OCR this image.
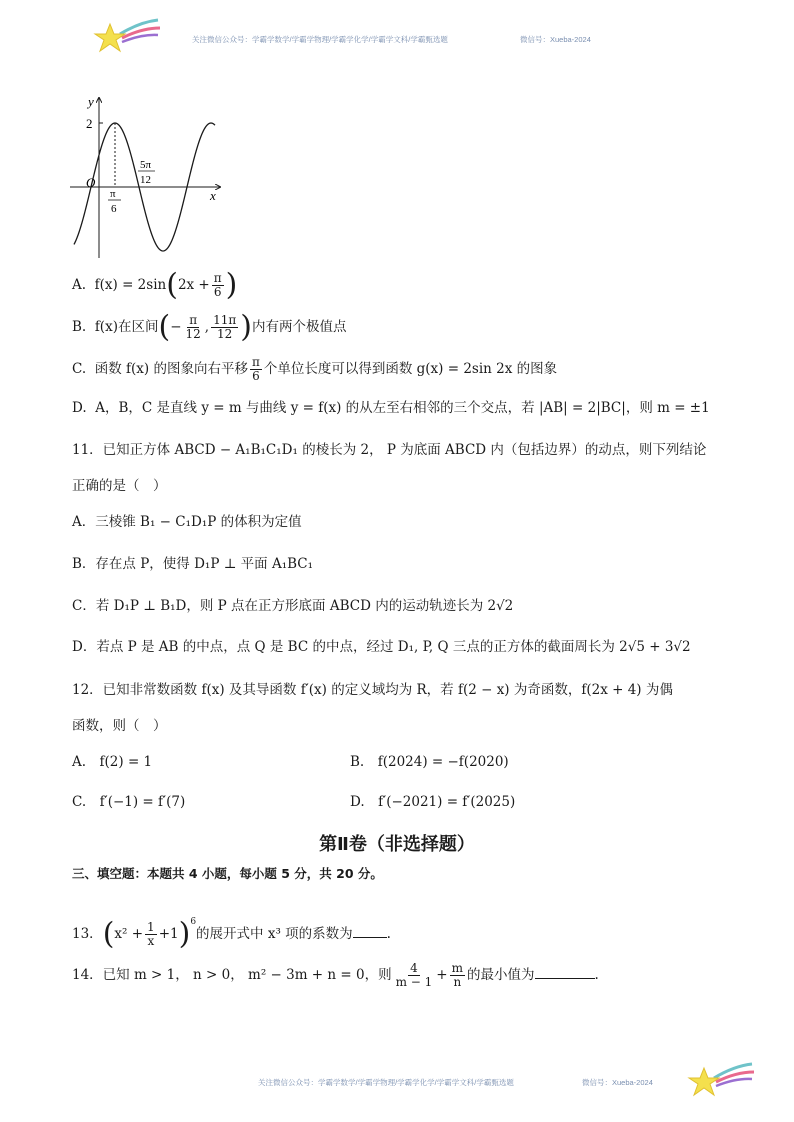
关注微信公众号：学霸学数学/学霸学物理/学霸学化学/学霸学文科/学霸甄选题	微信号：Xueba-2024
y
x
O
2
π
6
5π
12
A. $f(x) = 2\sin(2x + \frac{\pi}{6}$ )
B. f(x)在区间(− $\frac{\pi}{12}$ , $\frac{11\pi}{12}$ )内有两个极值点
C. 函数 f(x) 的图象向右平移 $\frac{\pi}{6}$ 个单位长度可以得到函数 g(x) = 2sin 2x 的图象
D. A，B，C 是直线 y = m 与曲线 y = f(x) 的从左至右相邻的三个交点，若 |AB| = 2|BC|，则 m = ±1
11．已知正方体 ABCD − A₁B₁C₁D₁ 的棱长为 2， P 为底面 ABCD 内（包括边界）的动点，则下列结论
正确的是（　）
A．三棱锥 B₁ − C₁D₁P 的体积为定值
B．存在点 P，使得 D₁P ⊥ 平面 A₁BC₁
C．若 D₁P ⊥ B₁D，则 P 点在正方形底面 ABCD 内的运动轨迹长为 2√2
D．若点 P 是 AB 的中点，点 Q 是 BC 的中点，经过 D₁, P, Q 三点的正方体的截面周长为 2√5 + 3√2
12．已知非常数函数 f(x) 及其导函数 f′(x) 的定义域均为 R，若 f(2 − x) 为奇函数，f(2x + 4) 为偶
函数，则（　）
A.　f(2) = 1	B.　f(2024) = −f(2020)
C.　f′(−1) = f′(7)	D.　f′(−2021) = f′(2025)
第Ⅱ卷（非选择题）
三、填空题：本题共 4 小题，每小题 5 分，共 20 分。
13．$(x^2 + \frac{1}{x} +1)^6$的展开式中 x³ 项的系数为	.
14．已知 m > 1， n > 0， m² − 3m + n = 0，则 $\frac{4}{m - 1} + \frac{m}{n}$ 的最小值为	.
关注微信公众号：学霸学数学/学霸学物理/学霸学化学/学霸学文科/学霸甄选题	微信号：Xueba-2024
